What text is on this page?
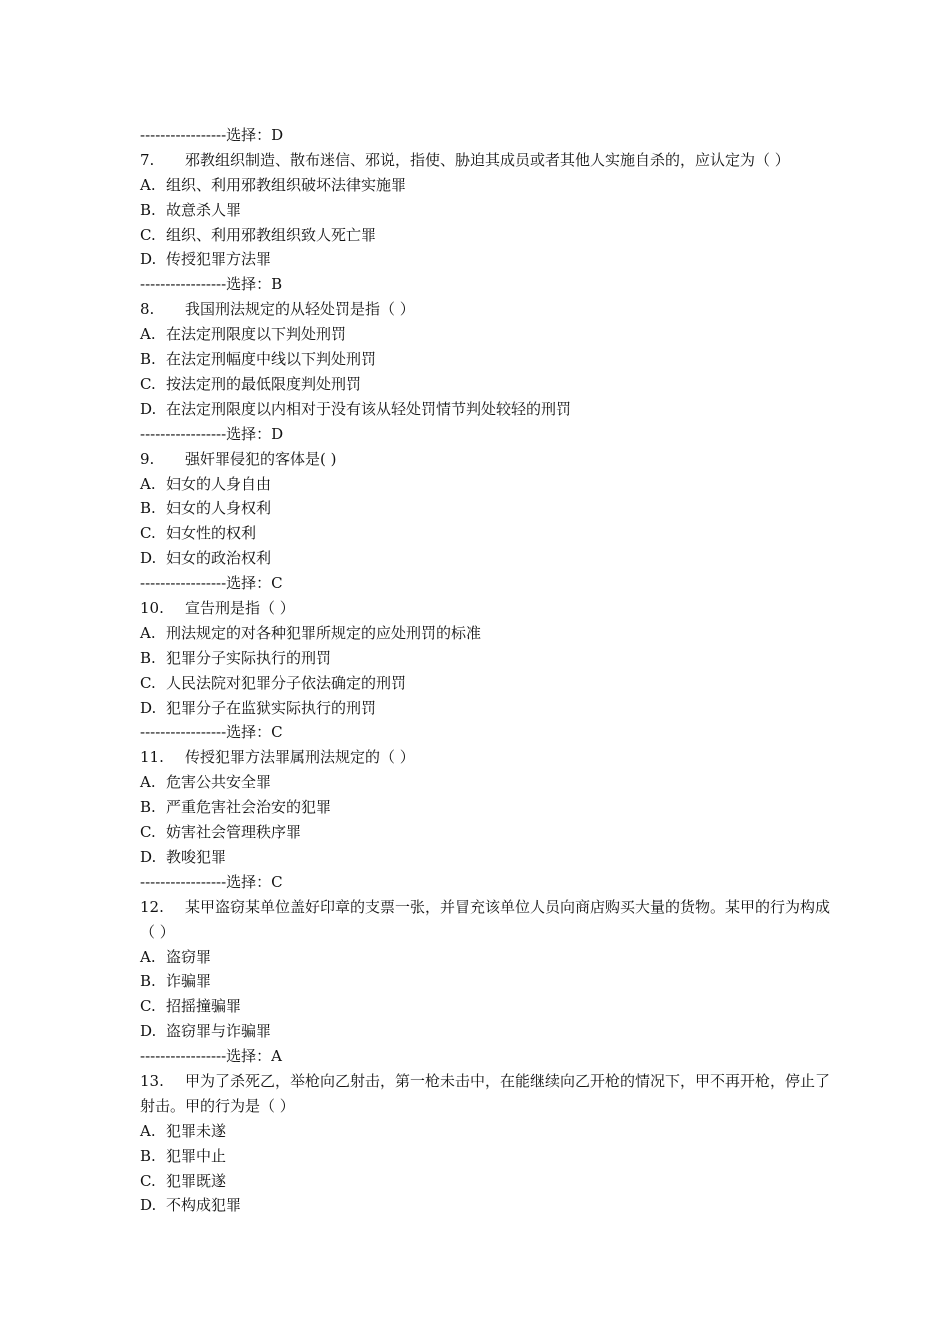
-----------------选择：D
7.  邪教组织制造、散布迷信、邪说，指使、胁迫其成员或者其他人实施自杀的，应认定为（ ）
A. 组织、利用邪教组织破坏法律实施罪
B. 故意杀人罪
C. 组织、利用邪教组织致人死亡罪
D. 传授犯罪方法罪
-----------------选择：B
8.  我国刑法规定的从轻处罚是指（ ）
A. 在法定刑限度以下判处刑罚
B. 在法定刑幅度中线以下判处刑罚
C. 按法定刑的最低限度判处刑罚
D. 在法定刑限度以内相对于没有该从轻处罚情节判处较轻的刑罚
-----------------选择：D
9.  强奸罪侵犯的客体是( )
A. 妇女的人身自由
B. 妇女的人身权利
C. 妇女性的权利
D. 妇女的政治权利
-----------------选择：C
10.  宣告刑是指（ ）
A. 刑法规定的对各种犯罪所规定的应处刑罚的标准
B. 犯罪分子实际执行的刑罚
C. 人民法院对犯罪分子依法确定的刑罚
D. 犯罪分子在监狱实际执行的刑罚
-----------------选择：C
11.  传授犯罪方法罪属刑法规定的（ ）
A. 危害公共安全罪
B. 严重危害社会治安的犯罪
C. 妨害社会管理秩序罪
D. 教唆犯罪
-----------------选择：C
12.  某甲盗窃某单位盖好印章的支票一张，并冒充该单位人员向商店购买大量的货物。某甲的行为构成（ ）
A. 盗窃罪
B. 诈骗罪
C. 招摇撞骗罪
D. 盗窃罪与诈骗罪
-----------------选择：A
13.  甲为了杀死乙，举枪向乙射击，第一枪未击中，在能继续向乙开枪的情况下，甲不再开枪，停止了射击。甲的行为是（ ）
A. 犯罪未遂
B. 犯罪中止
C. 犯罪既遂
D. 不构成犯罪
